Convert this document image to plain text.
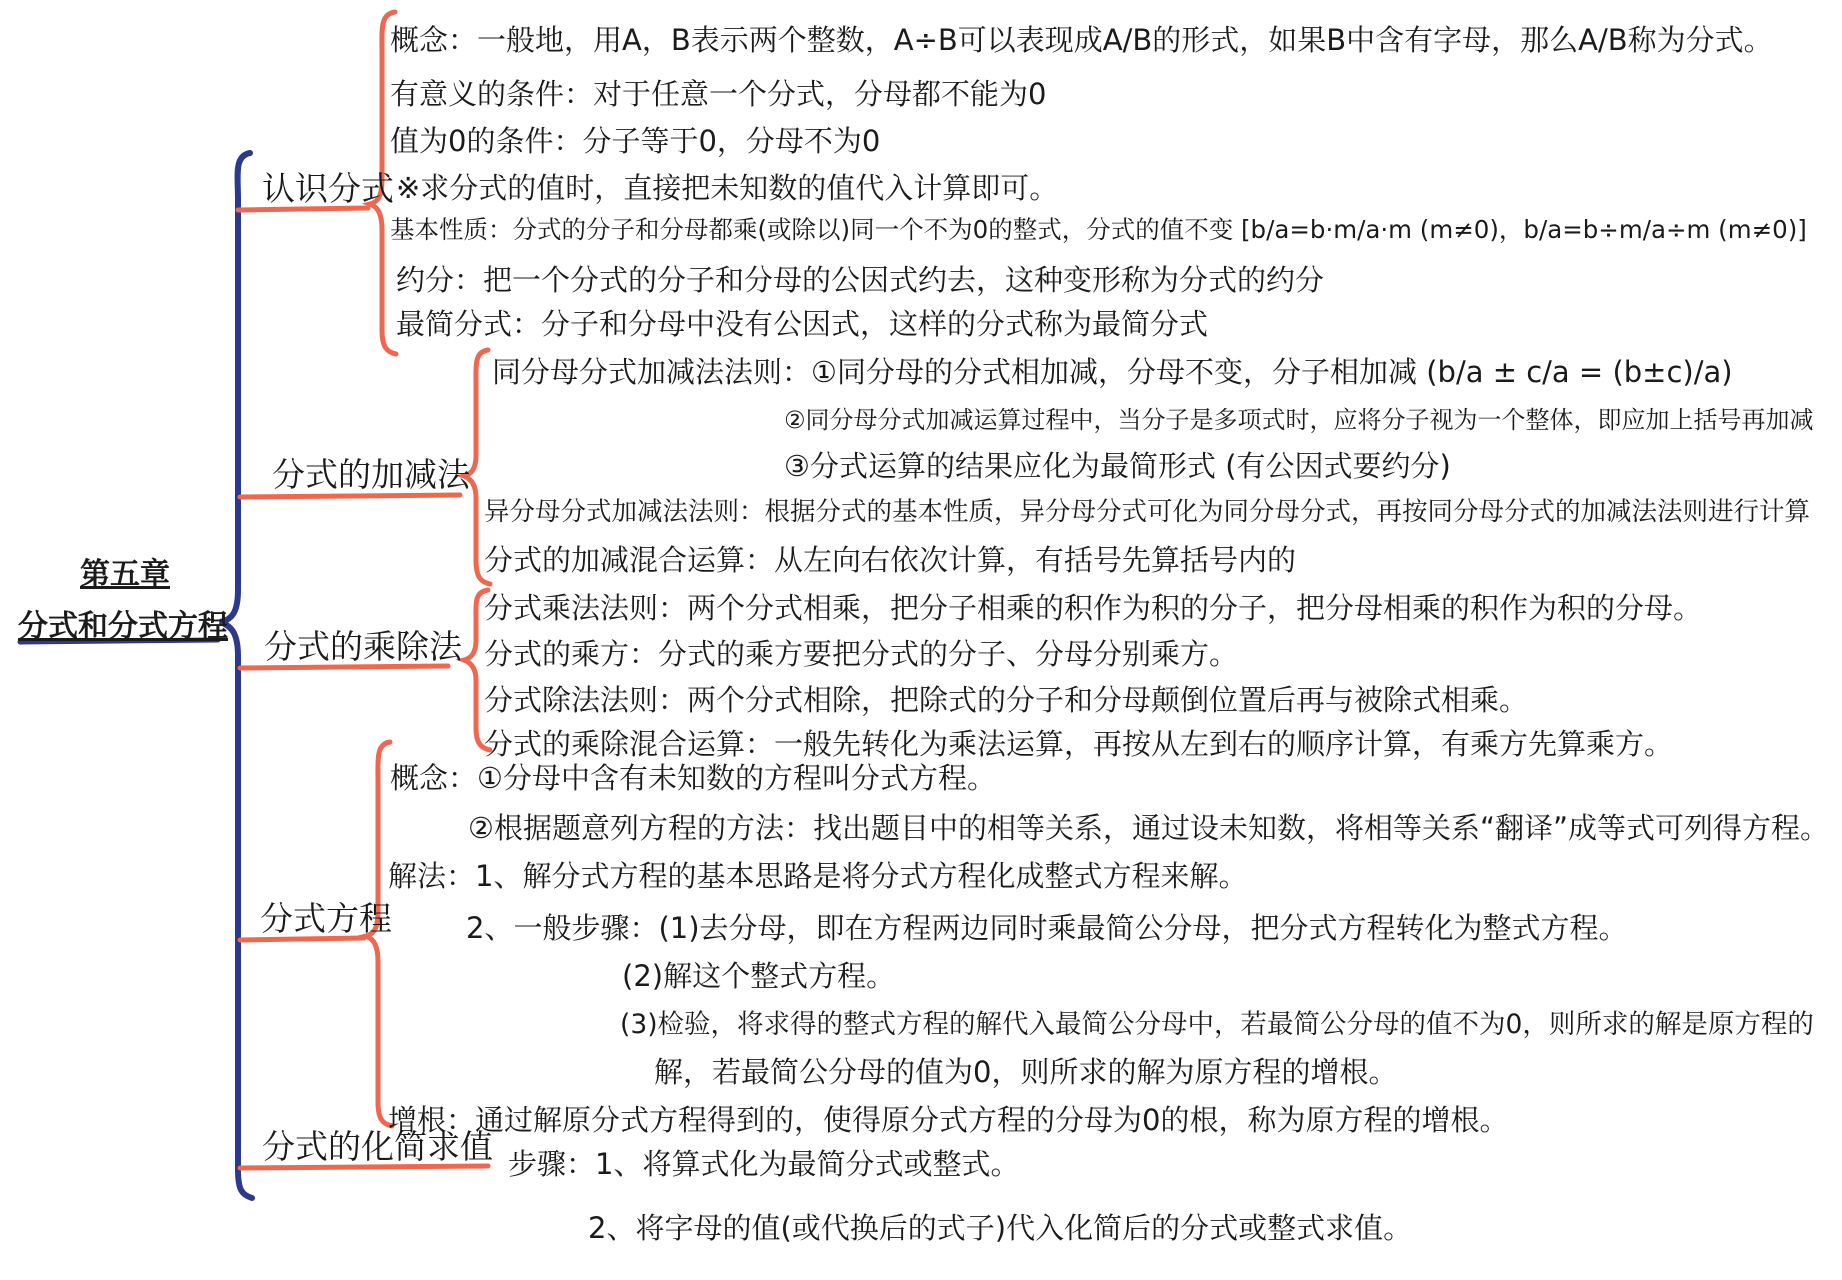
第五章
分式和分式方程
认识分式
分式的加减法
分式的乘除法
分式方程
分式的化简求值
概念：一般地，用A，B表示两个整数，A÷B可以表现成A/B的形式，如果B中含有字母，那么A/B称为分式。
有意义的条件：对于任意一个分式，分母都不能为0
值为0的条件：分子等于0，分母不为0
※求分式的值时，直接把未知数的值代入计算即可。
基本性质：分式的分子和分母都乘(或除以)同一个不为0的整式，分式的值不变 [b/a=b·m/a·m (m≠0)，b/a=b÷m/a÷m (m≠0)]
约分：把一个分式的分子和分母的公因式约去，这种变形称为分式的约分
最简分式：分子和分母中没有公因式，这样的分式称为最简分式
同分母分式加减法法则：①同分母的分式相加减，分母不变，分子相加减 (b/a ± c/a = (b±c)/a)
②同分母分式加减运算过程中，当分子是多项式时，应将分子视为一个整体，即应加上括号再加减
③分式运算的结果应化为最简形式 (有公因式要约分)
异分母分式加减法法则：根据分式的基本性质，异分母分式可化为同分母分式，再按同分母分式的加减法法则进行计算
分式的加减混合运算：从左向右依次计算，有括号先算括号内的
分式乘法法则：两个分式相乘，把分子相乘的积作为积的分子，把分母相乘的积作为积的分母。
分式的乘方：分式的乘方要把分式的分子、分母分别乘方。
分式除法法则：两个分式相除，把除式的分子和分母颠倒位置后再与被除式相乘。
分式的乘除混合运算：一般先转化为乘法运算，再按从左到右的顺序计算，有乘方先算乘方。
概念：①分母中含有未知数的方程叫分式方程。
②根据题意列方程的方法：找出题目中的相等关系，通过设未知数，将相等关系“翻译”成等式可列得方程。
解法：1、解分式方程的基本思路是将分式方程化成整式方程来解。
2、一般步骤：(1)去分母，即在方程两边同时乘最简公分母，把分式方程转化为整式方程。
(2)解这个整式方程。
(3)检验，将求得的整式方程的解代入最简公分母中，若最简公分母的值不为0，则所求的解是原方程的
解，若最简公分母的值为0，则所求的解为原方程的增根。
增根：通过解原分式方程得到的，使得原分式方程的分母为0的根，称为原方程的增根。
步骤：1、将算式化为最简分式或整式。
2、将字母的值(或代换后的式子)代入化简后的分式或整式求值。
